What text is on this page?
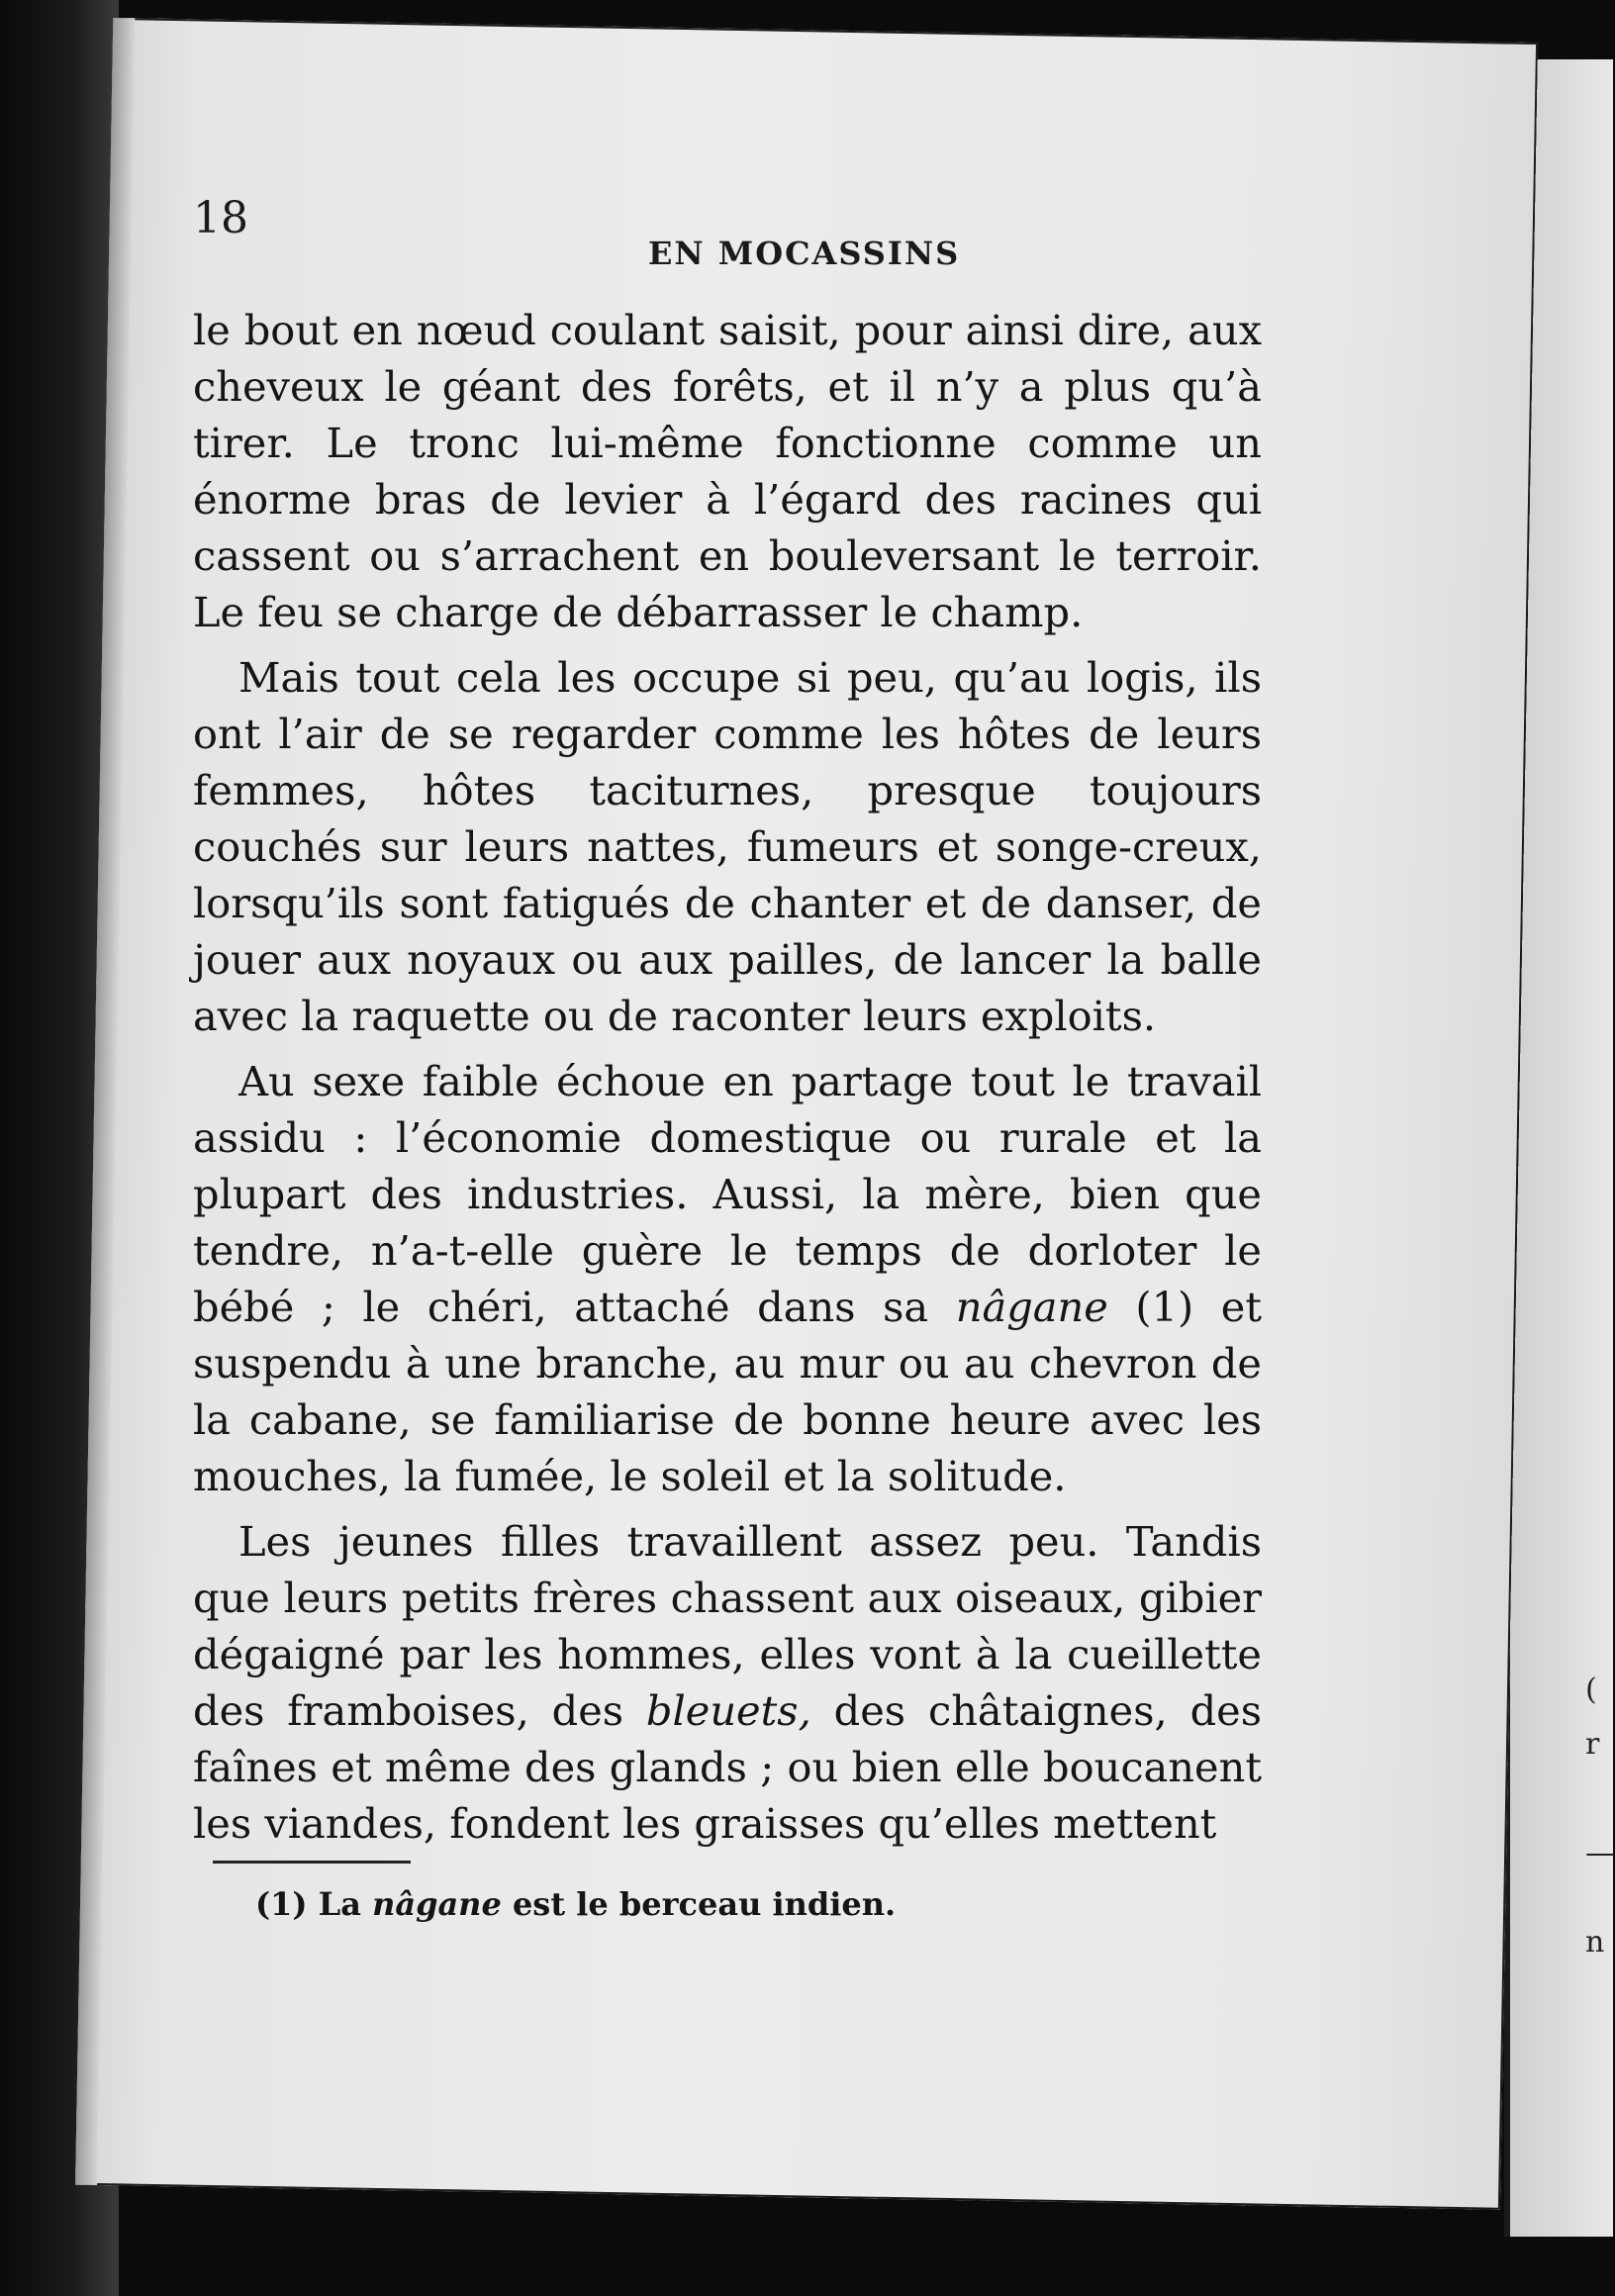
(
r
—
n
18
EN MOCASSINS

le bout en nœud coulant saisit, pour ainsi dire, aux cheveux le géant des forêts, et il n’y a plus qu’à tirer. Le tronc lui-même fonctionne comme un énorme bras de levier à l’égard des racines qui cassent ou s’arrachent en bouleversant le terroir. Le feu se charge de débarrasser le champ.

Mais tout cela les occupe si peu, qu’au logis, ils ont l’air de se regarder comme les hôtes de leurs femmes, hôtes taciturnes, presque toujours couchés sur leurs nattes, fumeurs et songe-creux, lorsqu’ils sont fatigués de chanter et de danser, de jouer aux noyaux ou aux pailles, de lancer la balle avec la raquette ou de raconter leurs exploits.

Au sexe faible échoue en partage tout le travail assidu : l’économie domestique ou rurale et la plupart des industries. Aussi, la mère, bien que tendre, n’a-t-elle guère le temps de dorloter le bébé ; le chéri, attaché dans sa nâgane (1) et suspendu à une branche, au mur ou au chevron de la cabane, se familiarise de bonne heure avec les mouches, la fumée, le soleil et la solitude.

Les jeunes filles travaillent assez peu. Tandis que leurs petits frères chassent aux oiseaux, gibier dégaigné par les hommes, elles vont à la cueillette des framboises, des bleuets, des châtaignes, des faînes et même des glands ; ou bien elle boucanent les viandes, fondent les graisses qu’elles mettent

(1) La nâgane est le berceau indien.
